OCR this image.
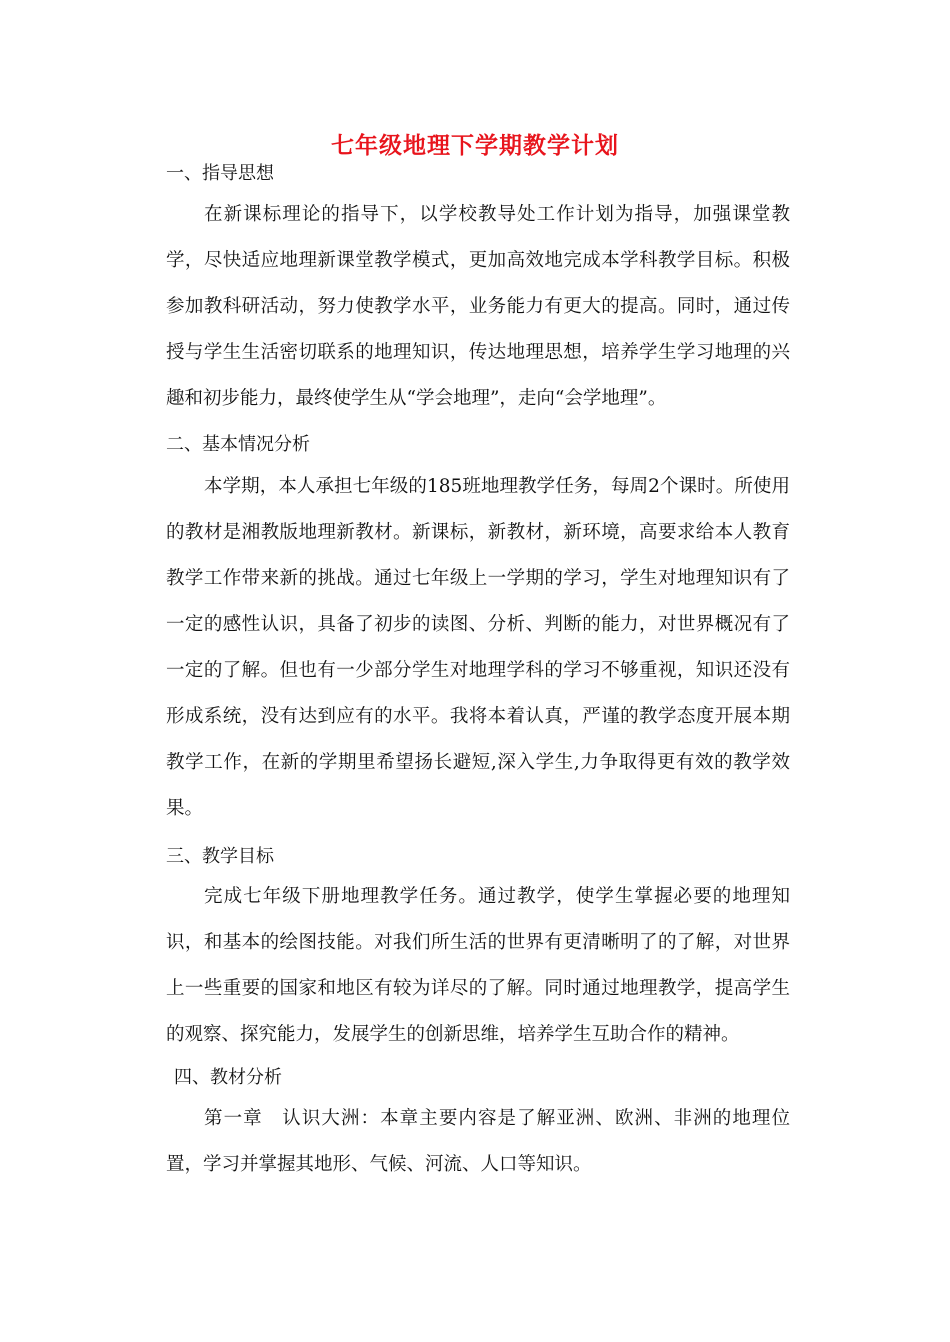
七年级地理下学期教学计划
一、指导思想
在新课标理论的指导下，以学校教导处工作计划为指导，加强课堂教学，尽快适应地理新课堂教学模式，更加高效地完成本学科教学目标。积极参加教科研活动，努力使教学水平，业务能力有更大的提高。同时，通过传授与学生生活密切联系的地理知识，传达地理思想，培养学生学习地理的兴趣和初步能力，最终使学生从“学会地理”，走向“会学地理”。
二、基本情况分析
本学期，本人承担七年级的185班地理教学任务，每周2个课时。所使用的教材是湘教版地理新教材。新课标，新教材，新环境，高要求给本人教育教学工作带来新的挑战。通过七年级上一学期的学习，学生对地理知识有了一定的感性认识，具备了初步的读图、分析、判断的能力，对世界概况有了一定的了解。但也有一少部分学生对地理学科的学习不够重视，知识还没有形成系统，没有达到应有的水平。我将本着认真，严谨的教学态度开展本期教学工作，在新的学期里希望扬长避短,深入学生,力争取得更有效的教学效果。
三、教学目标
完成七年级下册地理教学任务。通过教学，使学生掌握必要的地理知识，和基本的绘图技能。对我们所生活的世界有更清晰明了的了解，对世界上一些重要的国家和地区有较为详尽的了解。同时通过地理教学，提高学生的观察、探究能力，发展学生的创新思维，培养学生互助合作的精神。
四、教材分析
第一章　认识大洲：本章主要内容是了解亚洲、欧洲、非洲的地理位置，学习并掌握其地形、气候、河流、人口等知识。
